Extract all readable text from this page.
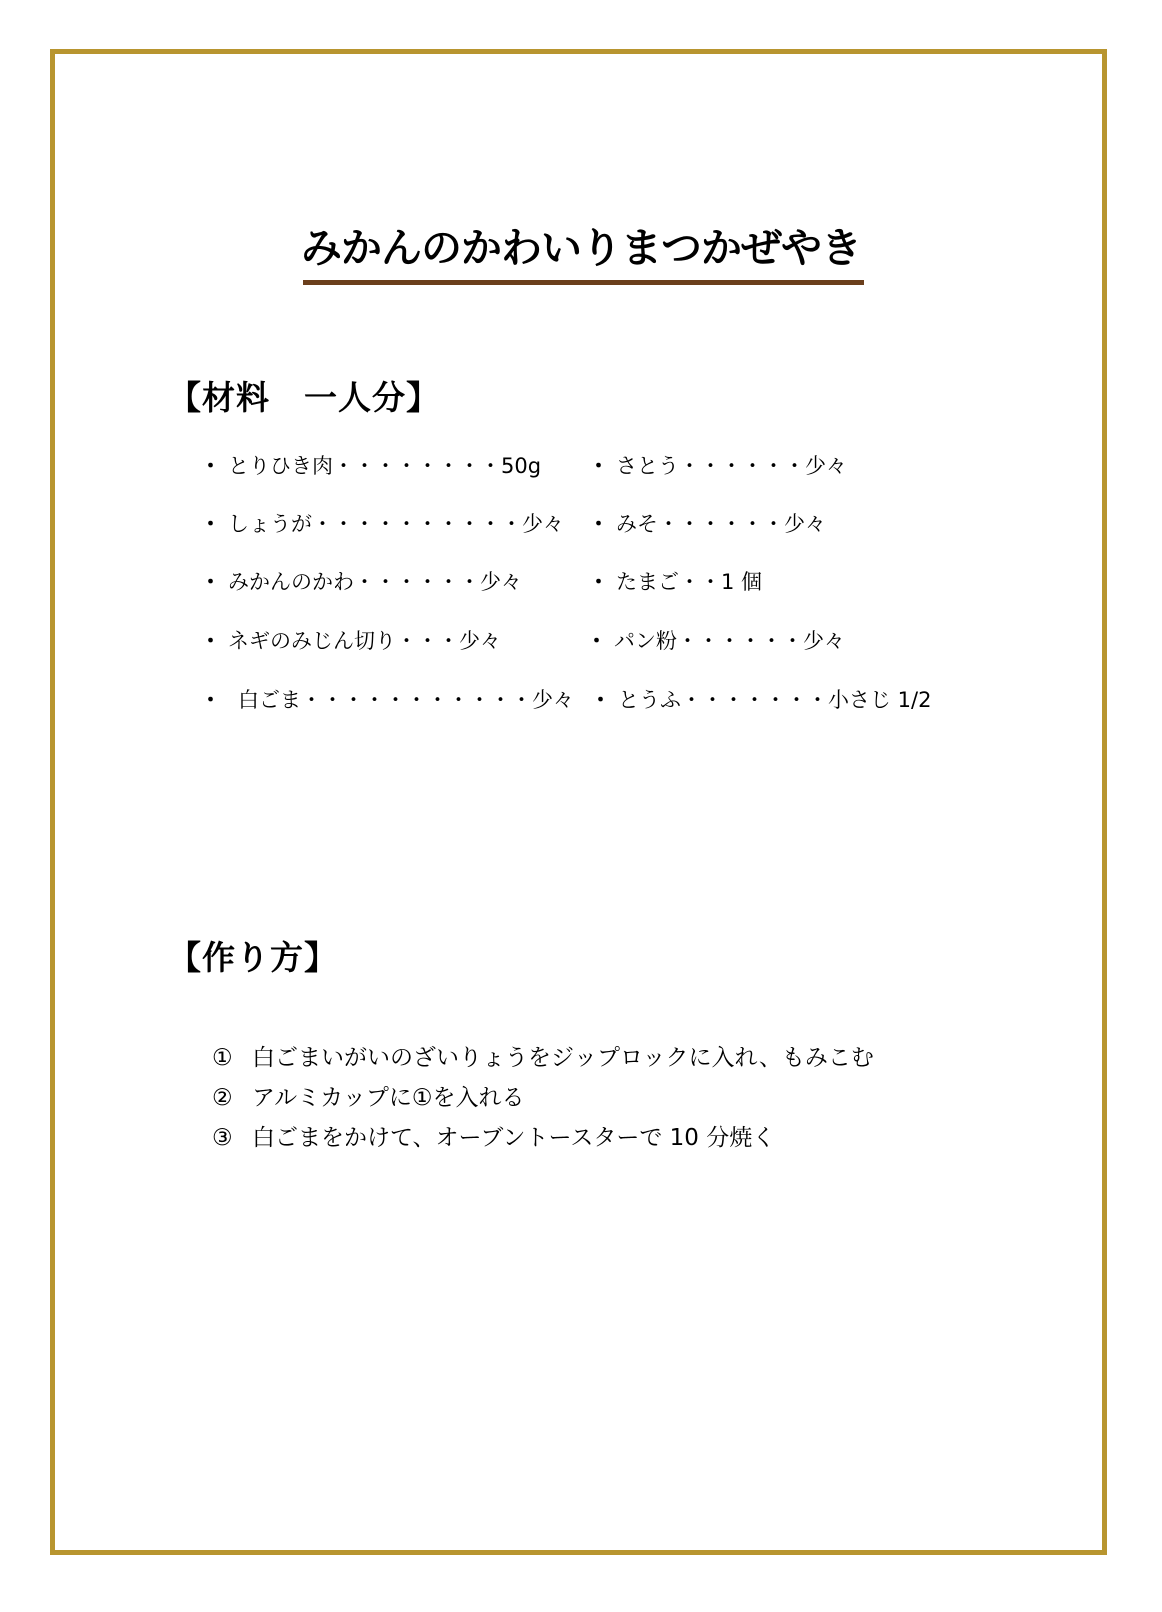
みかんのかわいりまつかぜやき
【材料　一人分】
・ とりひき肉・・・・・・・・50g
・ しょうが・・・・・・・・・・少々
・ みかんのかわ・・・・・・少々
・ ネギのみじん切り・・・少々
・ 白ごま・・・・・・・・・・・少々
・ さとう・・・・・・少々
・ みそ・・・・・・少々
・ たまご・・1 個
・ パン粉・・・・・・少々
・ とうふ・・・・・・・小さじ 1/2
【作り方】
① 白ごまいがいのざいりょうをジップロックに入れ、もみこむ
② アルミカップに①を入れる
③ 白ごまをかけて、オーブントースターで 10 分焼く
